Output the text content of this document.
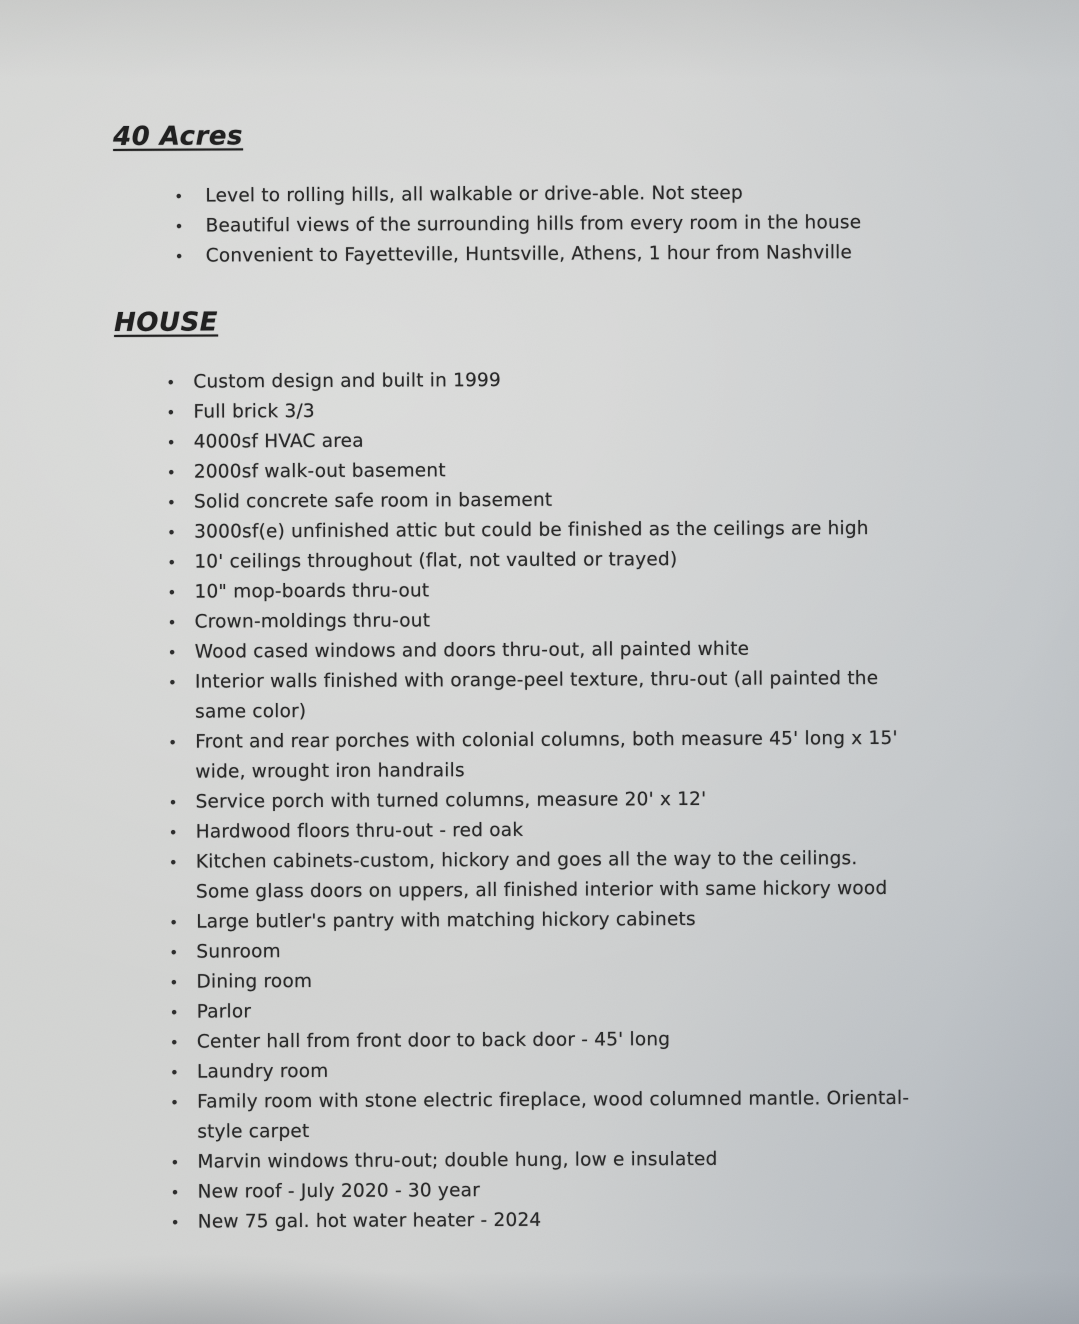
40 Acres
• Level to rolling hills, all walkable or drive-able. Not steep
• Beautiful views of the surrounding hills from every room in the house
• Convenient to Fayetteville, Huntsville, Athens, 1 hour from Nashville
HOUSE
• Custom design and built in 1999
• Full brick 3/3
• 4000sf HVAC area
• 2000sf walk-out basement
• Solid concrete safe room in basement
• 3000sf(e) unfinished attic but could be finished as the ceilings are high
• 10' ceilings throughout (flat, not vaulted or trayed)
• 10" mop-boards thru-out
• Crown-moldings thru-out
• Wood cased windows and doors thru-out, all painted white
• Interior walls finished with orange-peel texture, thru-out (all painted the
same color)
• Front and rear porches with colonial columns, both measure 45' long x 15'
wide, wrought iron handrails
• Service porch with turned columns, measure 20' x 12'
• Hardwood floors thru-out - red oak
• Kitchen cabinets-custom, hickory and goes all the way to the ceilings.
Some glass doors on uppers, all finished interior with same hickory wood
• Large butler's pantry with matching hickory cabinets
• Sunroom
• Dining room
• Parlor
• Center hall from front door to back door - 45' long
• Laundry room
• Family room with stone electric fireplace, wood columned mantle. Oriental-
style carpet
• Marvin windows thru-out; double hung, low e insulated
• New roof - July 2020 - 30 year
• New 75 gal. hot water heater - 2024
